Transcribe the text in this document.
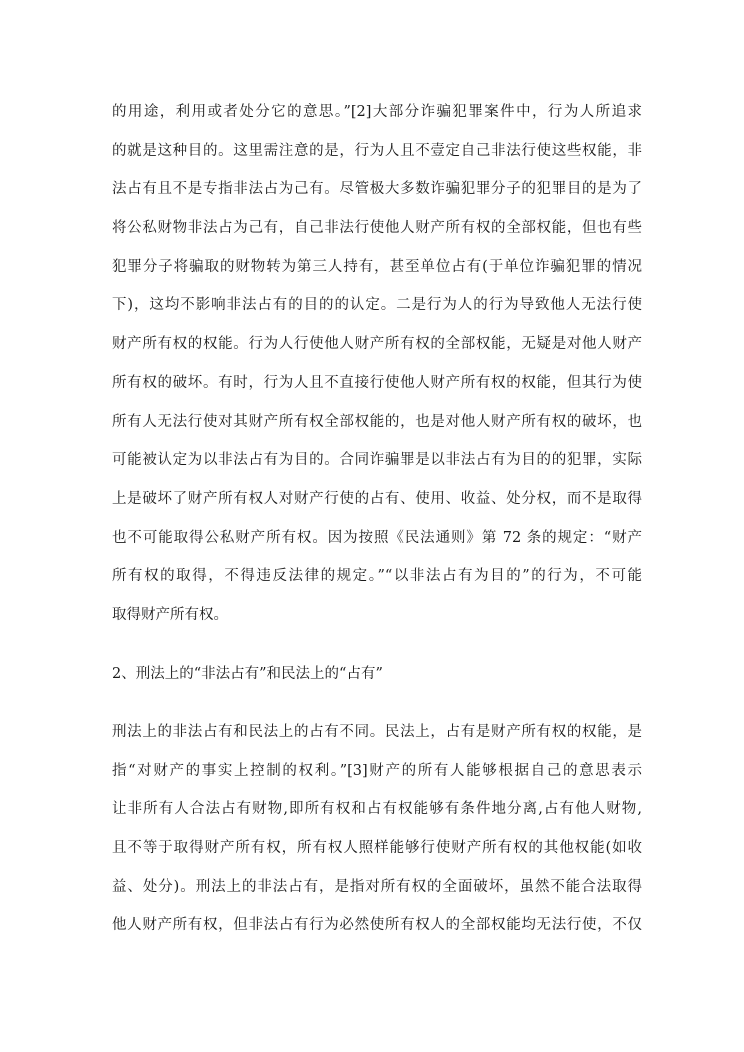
的用途，利用或者处分它的意思。”[2]大部分诈骗犯罪案件中，行为人所追求
的就是这种目的。这里需注意的是，行为人且不壹定自己非法行使这些权能，非
法占有且不是专指非法占为己有。尽管极大多数诈骗犯罪分子的犯罪目的是为了
将公私财物非法占为己有，自己非法行使他人财产所有权的全部权能，但也有些
犯罪分子将骗取的财物转为第三人持有，甚至单位占有(于单位诈骗犯罪的情况
下)，这均不影响非法占有的目的的认定。二是行为人的行为导致他人无法行使
财产所有权的权能。行为人行使他人财产所有权的全部权能，无疑是对他人财产
所有权的破坏。有时，行为人且不直接行使他人财产所有权的权能，但其行为使
所有人无法行使对其财产所有权全部权能的，也是对他人财产所有权的破坏，也
可能被认定为以非法占有为目的。合同诈骗罪是以非法占有为目的的犯罪，实际
上是破坏了财产所有权人对财产行使的占有、使用、收益、处分权，而不是取得
也不可能取得公私财产所有权。因为按照《民法通则》第 72 条的规定：“财产
所有权的取得，不得违反法律的规定。”“以非法占有为目的”的行为，不可能
取得财产所有权。
2、刑法上的“非法占有”和民法上的“占有”
刑法上的非法占有和民法上的占有不同。民法上，占有是财产所有权的权能，是
指“对财产的事实上控制的权利。”[3]财产的所有人能够根据自己的意思表示
让非所有人合法占有财物,即所有权和占有权能够有条件地分离,占有他人财物,
且不等于取得财产所有权，所有权人照样能够行使财产所有权的其他权能(如收
益、处分)。刑法上的非法占有，是指对所有权的全面破坏，虽然不能合法取得
他人财产所有权，但非法占有行为必然使所有权人的全部权能均无法行使，不仅
